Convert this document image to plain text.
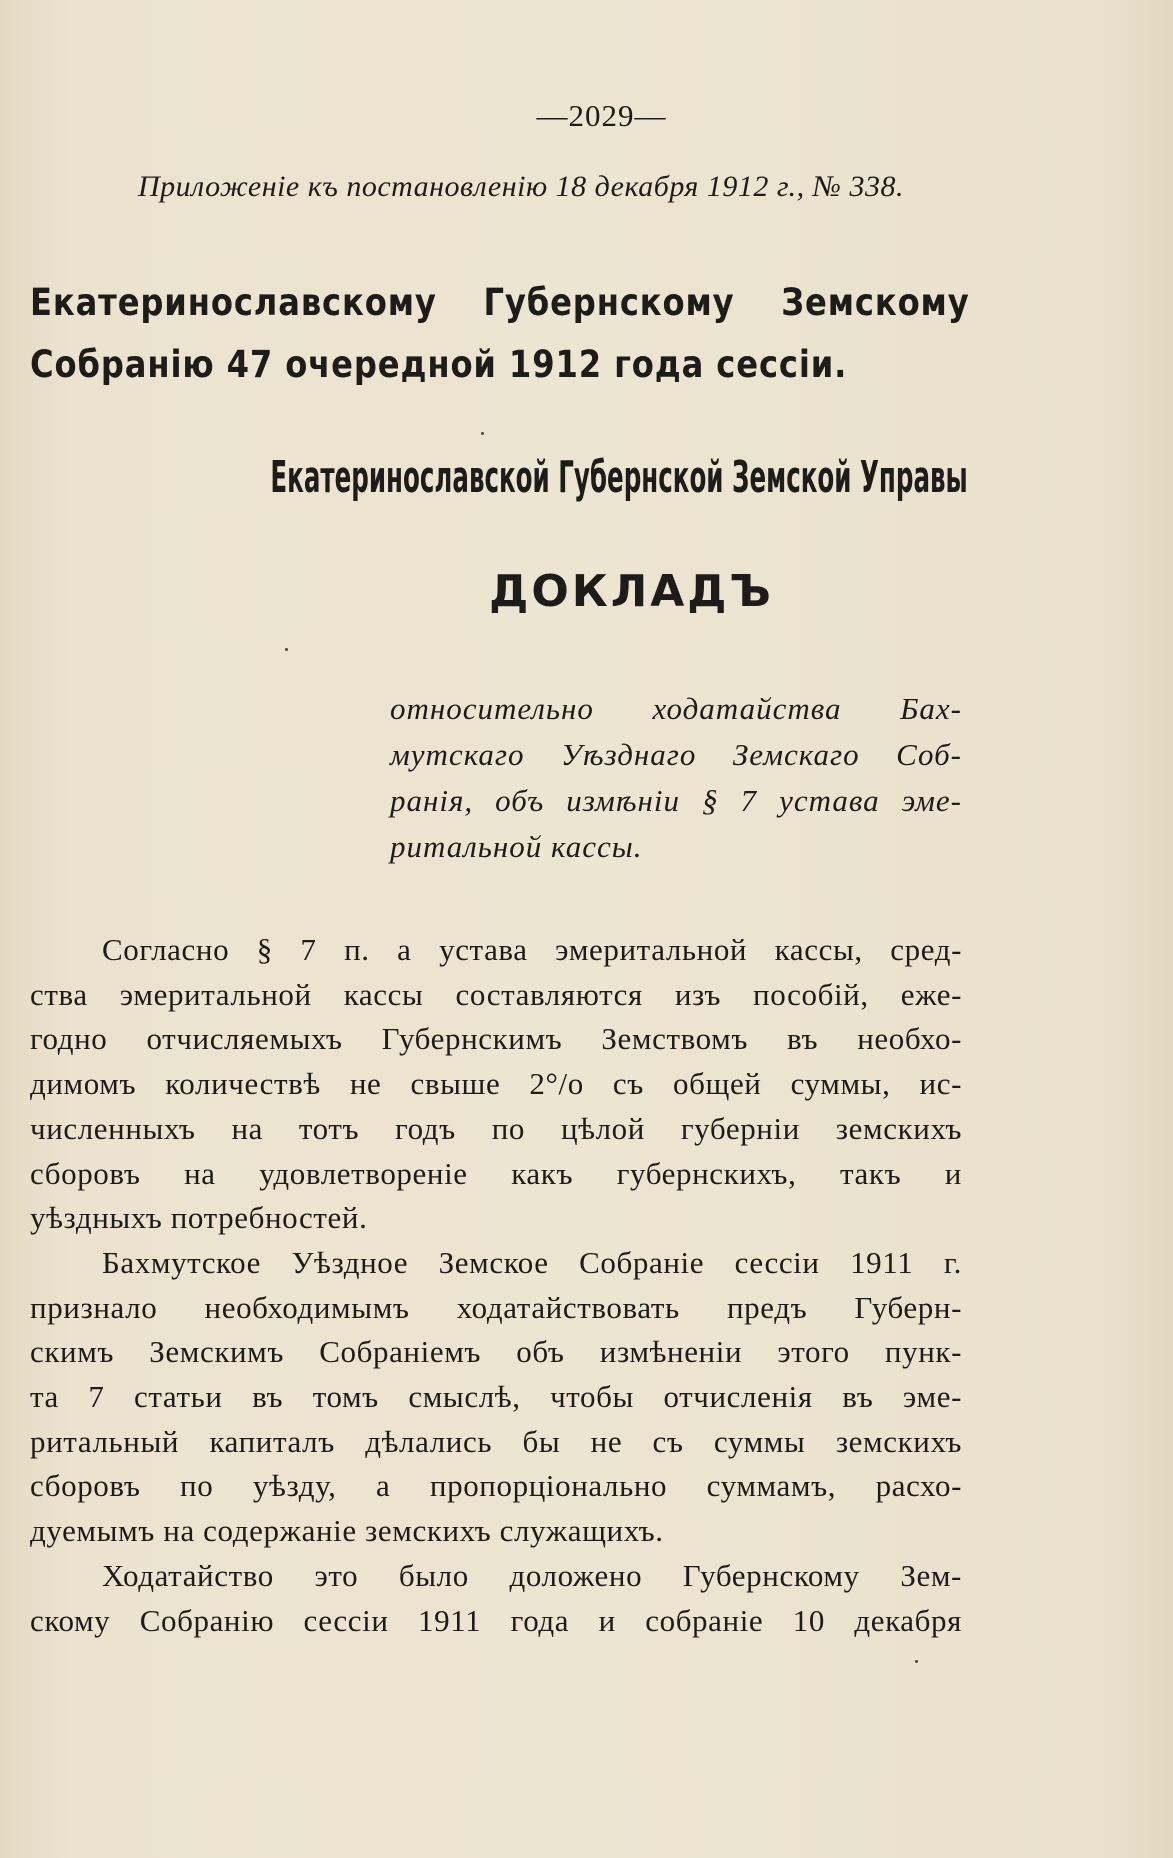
—2029—
Приложеніе къ постановленію 18 декабря 1912 г., № 338.
Екатеринославскому Губернскому Земскому Собранію 47 очередной 1912 года сессіи.
Екатеринославской Губернской Земской Управы
ДОКЛАДЪ
относительно ходатайства Бах-
мутскаго Уѣзднаго Земскаго Соб-
ранія, объ измѣніи § 7 устава эме-
ритальной кассы.
Согласно § 7 п. а устава эмеритальной кассы, сред-
ства эмеритальной кассы составляются изъ пособій, еже-
годно отчисляемыхъ Губернскимъ Земствомъ въ необхо-
димомъ количествѣ не свыше 2°/о съ общей суммы, ис-
численныхъ на тотъ годъ по цѣлой губерніи земскихъ
сборовъ на удовлетвореніе какъ губернскихъ, такъ и
уѣздныхъ потребностей.
Бахмутское Уѣздное Земское Собраніе сессіи 1911 г.
признало необходимымъ ходатайствовать предъ Губерн-
скимъ Земскимъ Собраніемъ объ измѣненіи этого пунк-
та 7 статьи въ томъ смыслѣ, чтобы отчисленія въ эме-
ритальный капиталъ дѣлались бы не съ суммы земскихъ
сборовъ по уѣзду, а пропорціонально суммамъ, расхо-
дуемымъ на содержаніе земскихъ служащихъ.
Ходатайство это было доложено Губернскому Зем-
скому Собранію сессіи 1911 года и собраніе 10 декабря
